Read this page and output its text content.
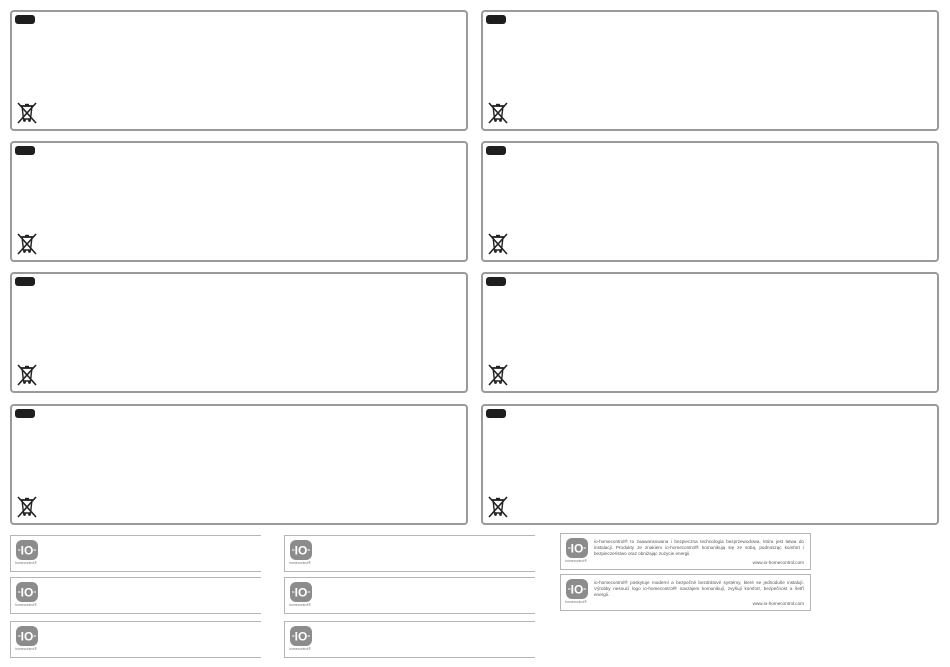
IO
homecontrol®
IO
homecontrol®
IO
homecontrol®
IO
homecontrol®
IO
homecontrol®
IO
homecontrol®
IO
homecontrol®
io-homecontrol® to zaawansowana i bezpieczna technologia bezprzewodowa, która jest łatwa do instalacji. Produkty ze znakiem io-homecontrol® komunikują się ze sobą, podnosząc komfort i bezpieczeństwo oraz obniżając zużycie energii.
www.io-homecontrol.com
IO
homecontrol®
io-homecontrol® poskytuje moderní a bezpečné bezdrátové systémy, které se jednoduše instalují. Výrobky nesoucí logo io-homecontrol® navzájem komunikují, zvyšují komfort, bezpečnost a šetří energii.
www.io-homecontrol.com
